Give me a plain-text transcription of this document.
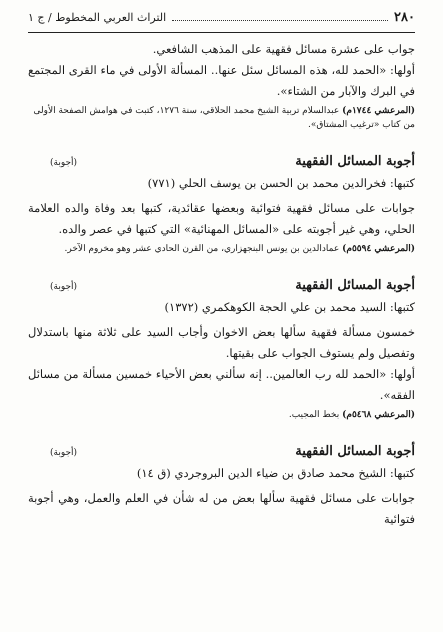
٢٨٠
التراث العربي المخطوط / ج ١

جواب على عشرة مسائل فقهية على المذهب الشافعي.

أولها: «الحمد لله، هذه المسائل سئل عنها.. المسألة الأولى في ماء القرى المجتمع في البرك والآبار من الشتاء».

(المرعشي ١٧٤٤م) عبدالسلام تربية الشيخ محمد الحلاقي، سنة ١٢٧٦، كتبت في هوامش الصفحة الأولى من كتاب «ترغيب المشتاق».

أجوبة المسائل الفقهية
(أجوبة)

كتبها: فخرالدين محمد بن الحسن بن يوسف الحلي (٧٧١)

جوابات على مسائل فقهية فتوائية وبعضها عقائدية، كتبها بعد وفاة والده العلامة الحلي، وهي غير أجوبته على «المسائل المهنائية» التي كتبها في عصر والده.

(المرعشي ٥٥٩٤م) عمادالدين بن يونس البنجهزاري، من القرن الحادي عشر وهو مخروم الآخر.

أجوبة المسائل الفقهية
(أجوبة)

كتبها: السيد محمد بن علي الحجة الكوهكمري (١٣٧٢)

خمسون مسألة فقهية سألها بعض الاخوان وأجاب السيد على ثلاثة منها باستدلال وتفصيل ولم يستوف الجواب على بقيتها.

أولها: «الحمد لله رب العالمين.. إنه سألني بعض الأحياء خمسين مسألة من مسائل الفقه».

(المرعشي ٥٤٦٨م) بخط المجيب.

أجوبة المسائل الفقهية
(أجوبة)

كتبها: الشيخ محمد صادق بن ضياء الدين البروجردي (ق ١٤)

جوابات على مسائل فقهية سألها بعض من له شأن في العلم والعمل، وهي أجوبة فتوائية
